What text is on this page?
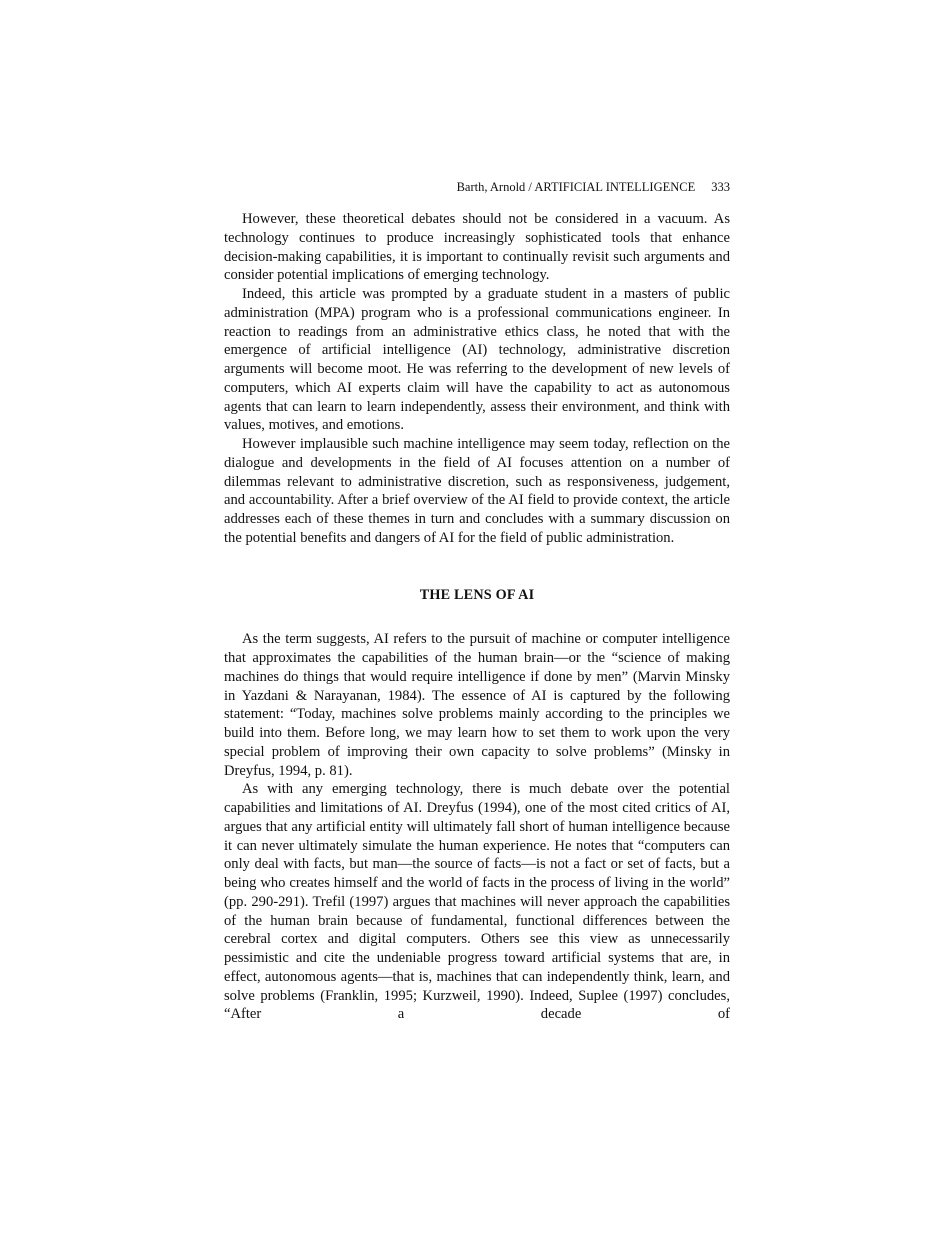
Barth, Arnold / ARTIFICIAL INTELLIGENCE 333

However, these theoretical debates should not be considered in a vacuum. As technology continues to produce increasingly sophisticated tools that enhance decision-making capabilities, it is important to continually revisit such arguments and consider potential implications of emerging technology.

Indeed, this article was prompted by a graduate student in a masters of public administration (MPA) program who is a professional communications engineer. In reaction to readings from an administrative ethics class, he noted that with the emergence of artificial intelligence (AI) technology, administrative discretion arguments will become moot. He was referring to the development of new levels of computers, which AI experts claim will have the capability to act as autonomous agents that can learn to learn independently, assess their environment, and think with values, motives, and emotions.

However implausible such machine intelligence may seem today, reflection on the dialogue and developments in the field of AI focuses attention on a number of dilemmas relevant to administrative discretion, such as responsiveness, judgement, and accountability. After a brief overview of the AI field to provide context, the article addresses each of these themes in turn and concludes with a summary discussion on the potential benefits and dangers of AI for the field of public administration.

THE LENS OF AI

As the term suggests, AI refers to the pursuit of machine or computer intelligence that approximates the capabilities of the human brain—or the “science of making machines do things that would require intelligence if done by men” (Marvin Minsky in Yazdani & Narayanan, 1984). The essence of AI is captured by the following statement: “Today, machines solve problems mainly according to the principles we build into them. Before long, we may learn how to set them to work upon the very special problem of improving their own capacity to solve problems” (Minsky in Dreyfus, 1994, p. 81).

As with any emerging technology, there is much debate over the potential capabilities and limitations of AI. Dreyfus (1994), one of the most cited critics of AI, argues that any artificial entity will ultimately fall short of human intelligence because it can never ultimately simulate the human experience. He notes that “computers can only deal with facts, but man—the source of facts—is not a fact or set of facts, but a being who creates himself and the world of facts in the process of living in the world” (pp. 290-291). Trefil (1997) argues that machines will never approach the capabilities of the human brain because of fundamental, functional differences between the cerebral cortex and digital computers. Others see this view as unnecessarily pessimistic and cite the undeniable progress toward artificial systems that are, in effect, autonomous agents—that is, machines that can independently think, learn, and solve problems (Franklin, 1995; Kurzweil, 1990). Indeed, Suplee (1997) concludes, “After a decade of
